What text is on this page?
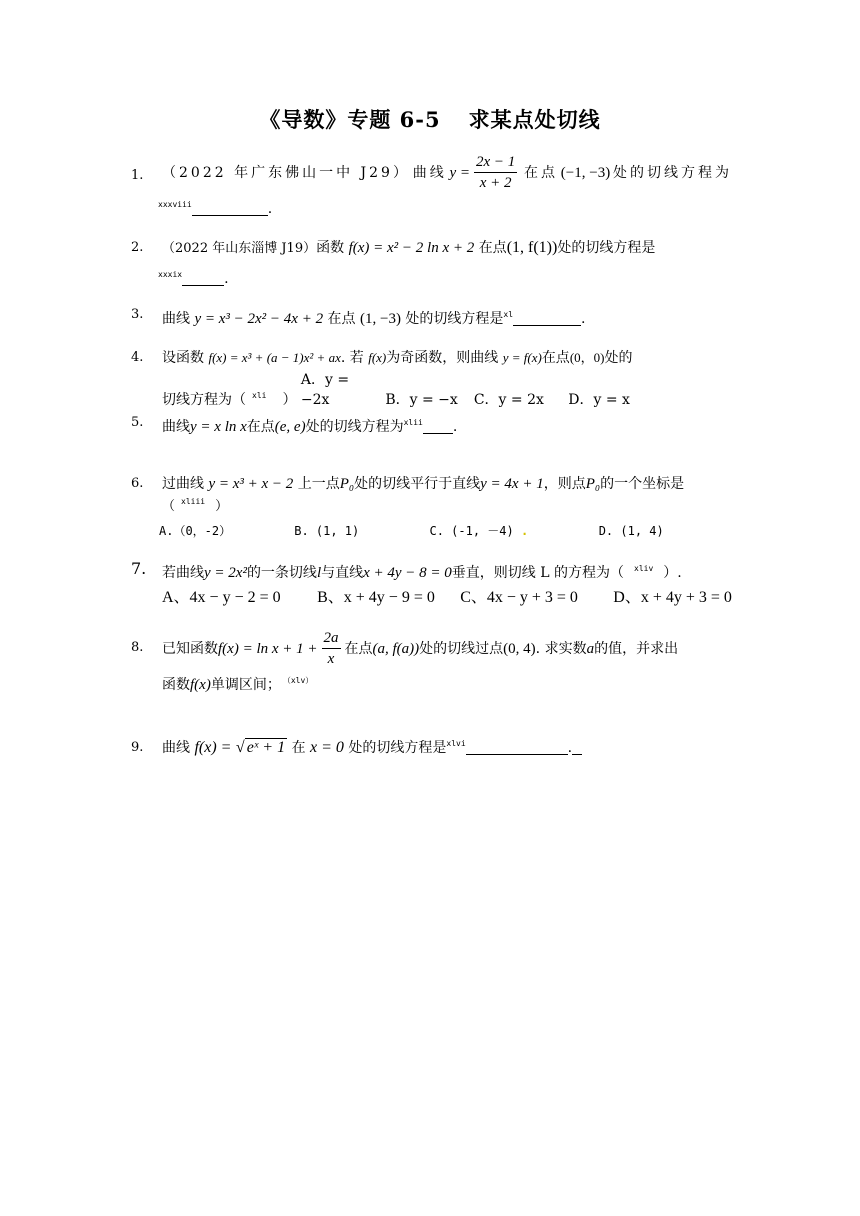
《导数》专题 6-5 求某点处切线
1. （2022 年广东佛山一中 J29） 曲线 $y = \frac{2x - 1}{x + 2}$ 在点 (−1, −3) 处的切线方程为
$^{xxxviii}$	.
2. （2022 年山东淄博 J19）函数 f(x) = x² − 2 ln x + 2 在点(1, f(1))处的切线方程是
$^{xxxix}$	.
3. 曲线 y = x³ − 2x² − 4x + 2 在点 (1, −3) 处的切线方程是$^{xl}$	.
4. 设函数 f(x) = x³ + (a − 1)x² + ax. 若 f(x)为奇函数，则曲线 y = f(x)在点(0，0)处的
切线方程为（ $^{xli}$ ） A．y = −2x	B．y = −x C．y = 2x D．y = x
5. 曲线y = x ln x在点(e, e)处的切线方程为$^{xlii}$ .
6. 过曲线 y = x³ + x − 2 上一点P₀处的切线平行于直线y = 4x + 1，则点P₀的一个坐标是
（ $^{xliii}$ ）
A.（0，-2）	B. (1, 1)	C. (-1, －4) .	D. (1, 4)
7. 若曲线y = 2x²的一条切线l与直线x + 4y − 8 = 0垂直，则切线 L 的方程为（ $^{xliv}$ ）.
A、4x − y − 2 = 0 B、x + 4y − 9 = 0 C、4x − y + 3 = 0 D、x + 4y + 3 = 0
8. 已知函数 $f(x) = \ln x + 1 + \frac{2a}{x}$ 在点 (a, f(a)) 处的切线过点 (0, 4) . 求实数 a 的值，并求出
函数f(x)单调区间； $^{(xlv)}$
9. 曲线 f(x) = √ eˣ + 1 在 x = 0 处的切线方程是$^{xlvi}$	.
